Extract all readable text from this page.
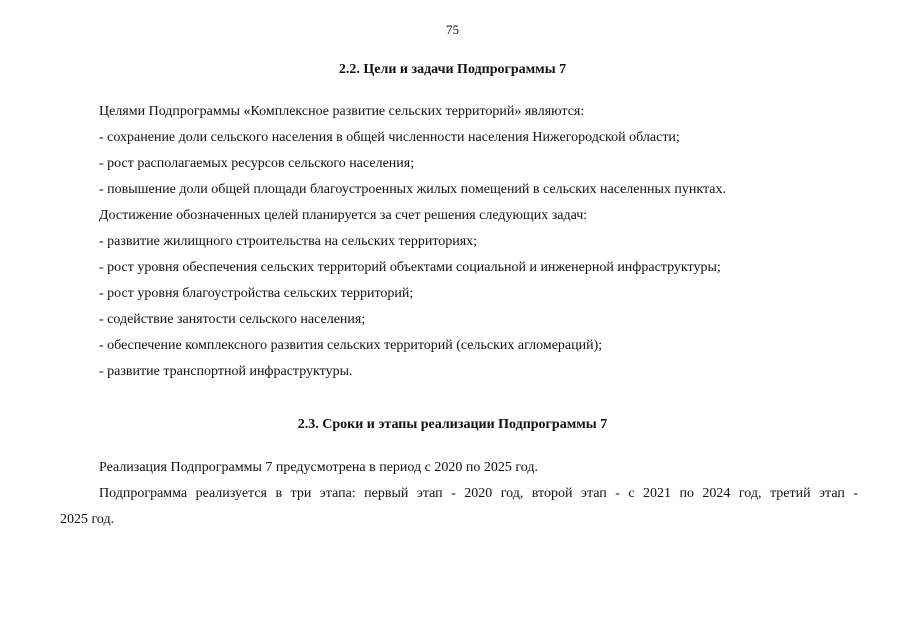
75
2.2. Цели и задачи Подпрограммы 7
Целями Подпрограммы «Комплексное развитие сельских территорий» являются:
- сохранение доли сельского населения в общей численности населения Нижегородской области;
- рост располагаемых ресурсов сельского населения;
- повышение доли общей площади благоустроенных жилых помещений в сельских населенных пунктах.
Достижение обозначенных целей планируется за счет решения следующих задач:
- развитие жилищного строительства на сельских территориях;
- рост уровня обеспечения сельских территорий объектами социальной и инженерной инфраструктуры;
- рост уровня благоустройства сельских территорий;
- содействие занятости сельского населения;
- обеспечение комплексного развития сельских территорий (сельских агломераций);
- развитие транспортной инфраструктуры.
2.3. Сроки и этапы реализации Подпрограммы 7
Реализация Подпрограммы 7 предусмотрена в период с 2020 по 2025 год.
Подпрограмма реализуется в три этапа: первый этап - 2020 год, второй этап - с 2021 по 2024 год, третий этап -
2025 год.
